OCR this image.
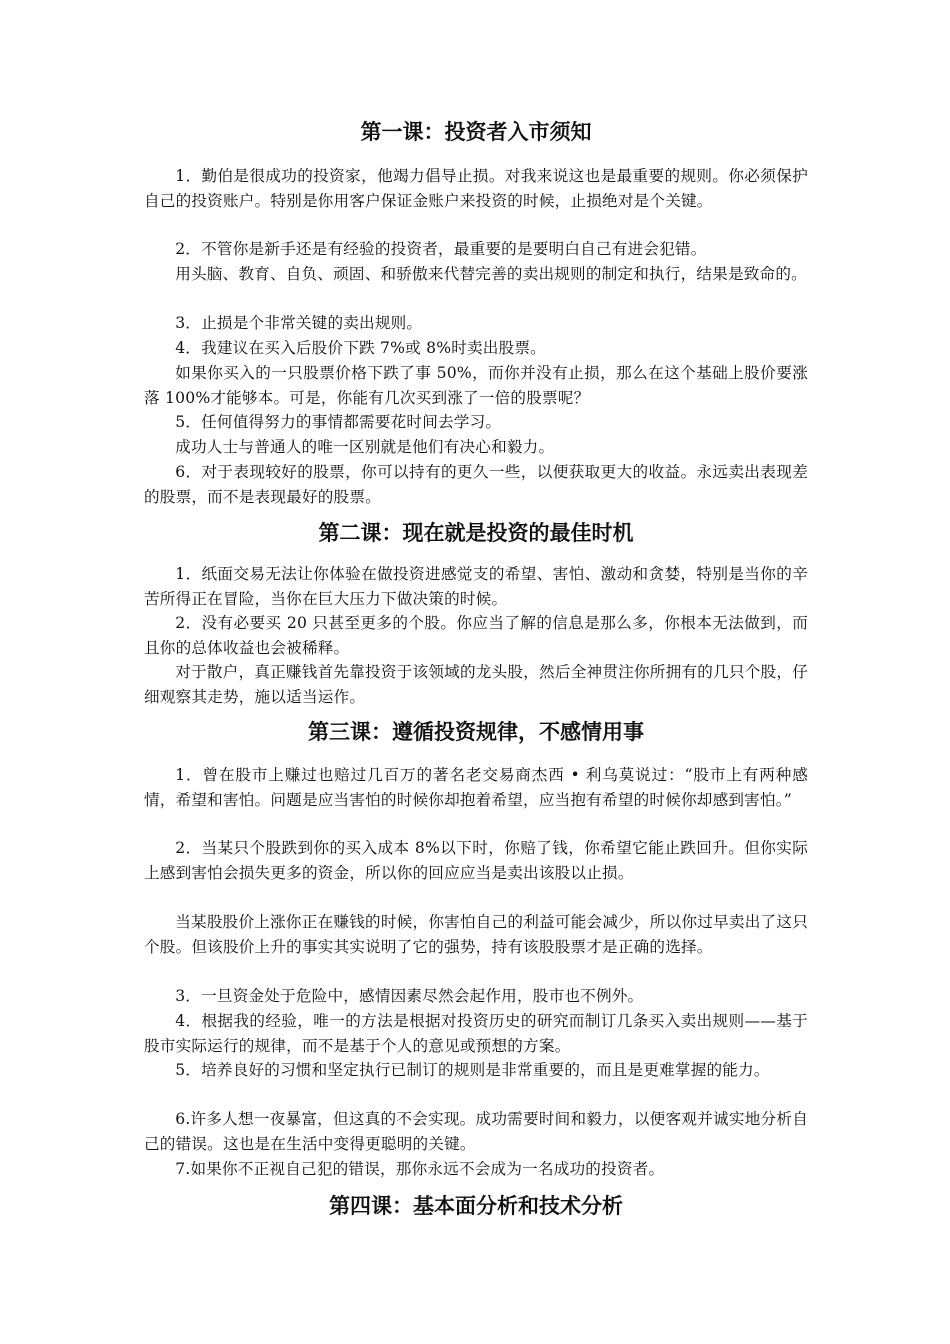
第一课：投资者入市须知

1．勤伯是很成功的投资家，他竭力倡导止损。对我来说这也是最重要的规则。你必须保护自己的投资账户。特别是你用客户保证金账户来投资的时候，止损绝对是个关键。

2．不管你是新手还是有经验的投资者，最重要的是要明白自己有进会犯错。

用头脑、教育、自负、顽固、和骄傲来代替完善的卖出规则的制定和执行，结果是致命的。

3．止损是个非常关键的卖出规则。

4．我建议在买入后股价下跌 7%或 8%时卖出股票。

如果你买入的一只股票价格下跌了事 50%，而你并没有止损，那么在这个基础上股价要涨落 100%才能够本。可是，你能有几次买到涨了一倍的股票呢？

5．任何值得努力的事情都需要花时间去学习。

成功人士与普通人的唯一区别就是他们有决心和毅力。

6．对于表现较好的股票，你可以持有的更久一些，以便获取更大的收益。永远卖出表现差的股票，而不是表现最好的股票。

第二课：现在就是投资的最佳时机

1．纸面交易无法让你体验在做投资进感觉支的希望、害怕、激动和贪婪，特别是当你的辛苦所得正在冒险，当你在巨大压力下做决策的时候。

2．没有必要买 20 只甚至更多的个股。你应当了解的信息是那么多，你根本无法做到，而且你的总体收益也会被稀释。

对于散户，真正赚钱首先靠投资于该领域的龙头股，然后全神贯注你所拥有的几只个股，仔细观察其走势，施以适当运作。

第三课：遵循投资规律，不感情用事

1．曾在股市上赚过也赔过几百万的著名老交易商杰西 • 利乌莫说过：“股市上有两种感情，希望和害怕。问题是应当害怕的时候你却抱着希望，应当抱有希望的时候你却感到害怕。”

2．当某只个股跌到你的买入成本 8%以下时，你赔了钱，你希望它能止跌回升。但你实际上感到害怕会损失更多的资金，所以你的回应应当是卖出该股以止损。

当某股股价上涨你正在赚钱的时候，你害怕自己的利益可能会减少，所以你过早卖出了这只个股。但该股价上升的事实其实说明了它的强势，持有该股股票才是正确的选择。

3．一旦资金处于危险中，感情因素尽然会起作用，股市也不例外。

4．根据我的经验，唯一的方法是根据对投资历史的研究而制订几条买入卖出规则——基于股市实际运行的规律，而不是基于个人的意见或预想的方案。

5．培养良好的习惯和坚定执行已制订的规则是非常重要的，而且是更难掌握的能力。

6.许多人想一夜暴富，但这真的不会实现。成功需要时间和毅力，以便客观并诚实地分析自己的错误。这也是在生活中变得更聪明的关键。

7.如果你不正视自己犯的错误，那你永远不会成为一名成功的投资者。

第四课：基本面分析和技术分析
